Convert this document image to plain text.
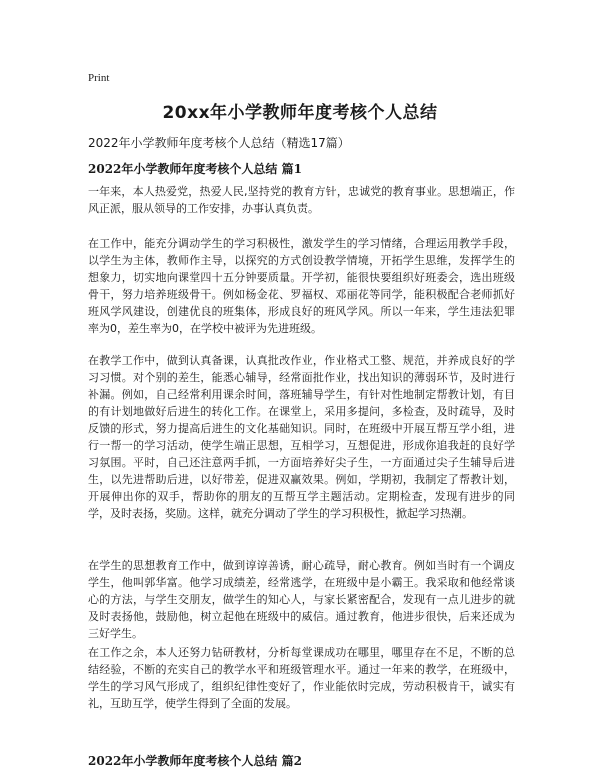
Print
20xx年小学教师年度考核个人总结
2022年小学教师年度考核个人总结（精选17篇）
2022年小学教师年度考核个人总结 篇1
一年来，本人热爱党，热爱人民,坚持党的教育方针，忠诚党的教育事业。思想端正，作风正派，服从领导的工作安排，办事认真负责。
在工作中，能充分调动学生的学习积极性，激发学生的学习情绪，合理运用教学手段，以学生为主体，教师作主导，以探究的方式创设教学情境，开拓学生思维，发挥学生的想象力，切实地向课堂四十五分钟要质量。开学初，能很快要组织好班委会，选出班级骨干，努力培养班级骨干。例如杨金花、罗福权、邓丽花等同学，能积极配合老师抓好班风学风建设，创建优良的班集体，形成良好的班风学风。所以一年来，学生违法犯罪率为0，差生率为0，在学校中被评为先进班级。
在教学工作中，做到认真备课，认真批改作业，作业格式工整、规范，并养成良好的学习习惯。对个别的差生，能悉心辅导，经常面批作业，找出知识的薄弱环节，及时进行补漏。例如，自己经常利用课余时间，落班辅导学生，有针对性地制定帮教计划，有目的有计划地做好后进生的转化工作。在课堂上，采用多提问，多检查，及时疏导，及时反馈的形式，努力提高后进生的文化基础知识。同时，在班级中开展互帮互学小组，进行一帮一的学习活动，使学生端正思想，互相学习，互想促进，形成你追我赶的良好学习氛围。平时，自己还注意两手抓，一方面培养好尖子生，一方面通过尖子生辅导后进生，以先进帮助后进，以好带差，促进双赢效果。例如，学期初，我制定了帮教计划，开展伸出你的双手，帮助你的朋友的互帮互学主题活动。定期检查，发现有进步的同学，及时表扬，奖励。这样，就充分调动了学生的学习积极性，掀起学习热潮。
在学生的思想教育工作中，做到谆谆善诱，耐心疏导，耐心教育。例如当时有一个调皮学生，他叫郭华富。他学习成绩差，经常逃学，在班级中是小霸王。我采取和他经常谈心的方法，与学生交朋友，做学生的知心人，与家长紧密配合，发现有一点儿进步的就及时表扬他，鼓励他，树立起他在班级中的威信。通过教育，他进步很快，后来还成为三好学生。
在工作之余，本人还努力钻研教材，分析每堂课成功在哪里，哪里存在不足，不断的总结经验，不断的充实自己的教学水平和班级管理水平。通过一年来的教学，在班级中，学生的学习风气形成了，组织纪律性变好了，作业能依时完成，劳动积极肯干，诚实有礼，互助互学，使学生得到了全面的发展。
2022年小学教师年度考核个人总结 篇2
